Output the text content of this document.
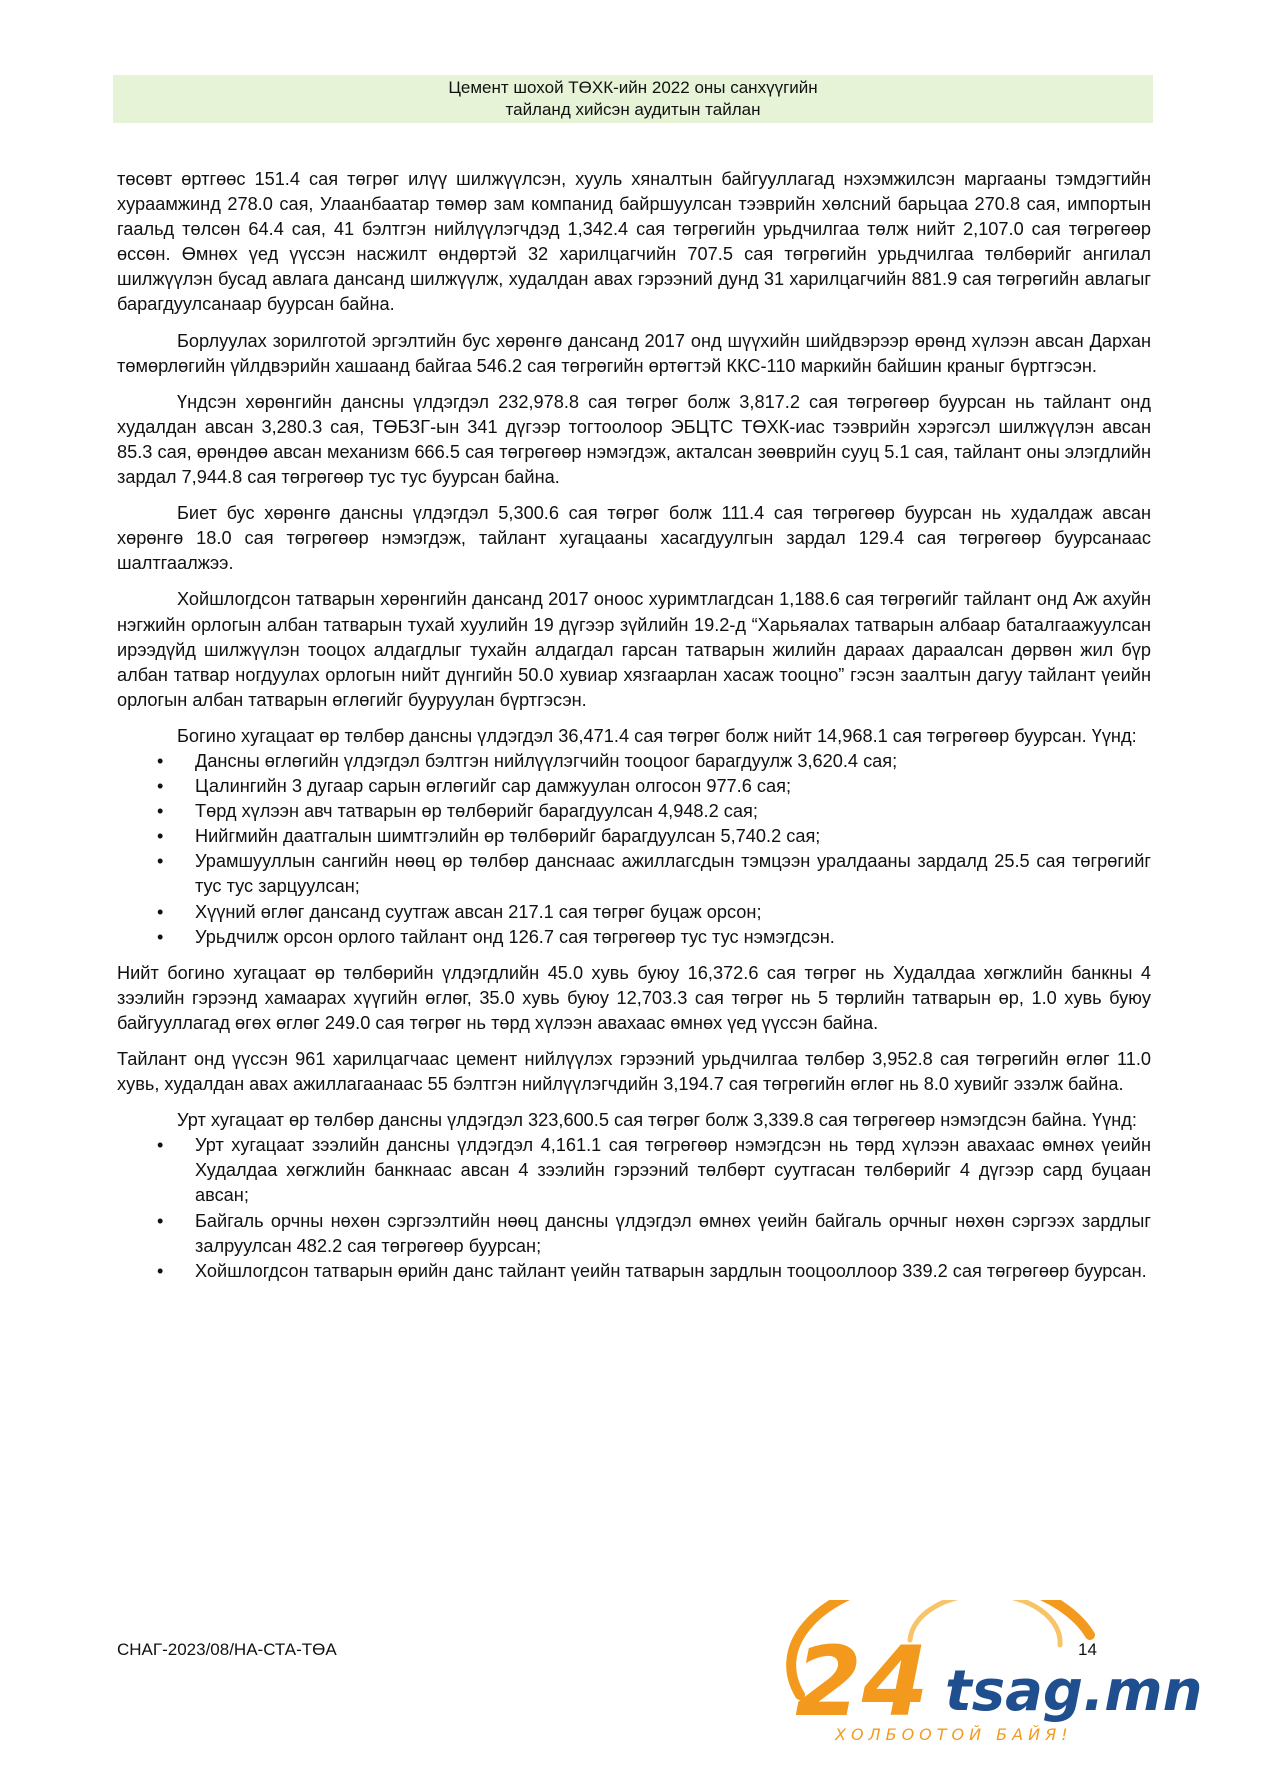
Цемент шохой ТӨХК-ийн 2022 оны санхүүгийн
тайланд хийсэн аудитын тайлан

төсөвт өртгөөс 151.4 сая төгрөг илүү шилжүүлсэн, хууль хяналтын байгууллагад нэхэмжилсэн маргааны тэмдэгтийн хураамжинд 278.0 сая, Улаанбаатар төмөр зам компанид байршуулсан тээврийн хөлсний барьцаа 270.8 сая, импортын гаальд төлсөн 64.4 сая, 41 бэлтгэн нийлүүлэгчдэд 1,342.4 сая төгрөгийн урьдчилгаа төлж нийт 2,107.0 сая төгрөгөөр өссөн. Өмнөх үед үүссэн насжилт өндөртэй 32 харилцагчийн 707.5 сая төгрөгийн урьдчилгаа төлбөрийг ангилал шилжүүлэн бусад авлага дансанд шилжүүлж, худалдан авах гэрээний дунд 31 харилцагчийн 881.9 сая төгрөгийн авлагыг барагдуулсанаар буурсан байна.

Борлуулах зорилготой эргэлтийн бус хөрөнгө дансанд 2017 онд шүүхийн шийдвэрээр өрөнд хүлээн авсан Дархан төмөрлөгийн үйлдвэрийн хашаанд байгаа 546.2 сая төгрөгийн өртөгтэй ККС-110 маркийн байшин краныг бүртгэсэн.

Үндсэн хөрөнгийн дансны үлдэгдэл 232,978.8 сая төгрөг болж 3,817.2 сая төгрөгөөр буурсан нь тайлант онд худалдан авсан 3,280.3 сая, ТӨБЗГ-ын 341 дүгээр тогтоолоор ЭБЦТС ТӨХК-иас тээврийн хэрэгсэл шилжүүлэн авсан 85.3 сая, өрөндөө авсан механизм 666.5 сая төгрөгөөр нэмэгдэж, акталсан зөөврийн сууц 5.1 сая, тайлант оны элэгдлийн зардал 7,944.8 сая төгрөгөөр тус тус буурсан байна.

Биет бус хөрөнгө дансны үлдэгдэл 5,300.6 сая төгрөг болж 111.4 сая төгрөгөөр буурсан нь худалдаж авсан хөрөнгө 18.0 сая төгрөгөөр нэмэгдэж, тайлант хугацааны хасагдуулгын зардал 129.4 сая төгрөгөөр буурсанаас шалтгаалжээ.

Хойшлогдсон татварын хөрөнгийн дансанд 2017 оноос хуримтлагдсан 1,188.6 сая төгрөгийг тайлант онд Аж ахуйн нэгжийн орлогын албан татварын тухай хуулийн 19 дүгээр зүйлийн 19.2-д “Харьяалах татварын албаар баталгаажуулсан ирээдүйд шилжүүлэн тооцох алдагдлыг тухайн алдагдал гарсан татварын жилийн дараах дараалсан дөрвөн жил бүр албан татвар ногдуулах орлогын нийт дүнгийн 50.0 хувиар хязгаарлан хасаж тооцно” гэсэн заалтын дагуу тайлант үеийн орлогын албан татварын өглөгийг бууруулан бүртгэсэн.

Богино хугацаат өр төлбөр дансны үлдэгдэл 36,471.4 сая төгрөг болж нийт 14,968.1 сая төгрөгөөр буурсан. Үүнд:

• Дансны өглөгийн үлдэгдэл бэлтгэн нийлүүлэгчийн тооцоог барагдуулж 3,620.4 сая;
• Цалингийн 3 дугаар сарын өглөгийг сар дамжуулан олгосон 977.6 сая;
• Төрд хүлээн авч татварын өр төлбөрийг барагдуулсан 4,948.2 сая;
• Нийгмийн даатгалын шимтгэлийн өр төлбөрийг барагдуулсан 5,740.2 сая;
• Урамшууллын сангийн нөөц өр төлбөр данснаас ажиллагсдын тэмцээн уралдааны зардалд 25.5 сая төгрөгийг тус тус зарцуулсан;
• Хүүний өглөг дансанд суутгаж авсан 217.1 сая төгрөг буцаж орсон;
• Урьдчилж орсон орлого тайлант онд 126.7 сая төгрөгөөр тус тус нэмэгдсэн.

Нийт богино хугацаат өр төлбөрийн үлдэгдлийн 45.0 хувь буюу 16,372.6 сая төгрөг нь Худалдаа хөгжлийн банкны 4 зээлийн гэрээнд хамаарах хүүгийн өглөг, 35.0 хувь буюу 12,703.3 сая төгрөг нь 5 төрлийн татварын өр, 1.0 хувь буюу байгууллагад өгөх өглөг 249.0 сая төгрөг нь төрд хүлээн авахаас өмнөх үед үүссэн байна.

Тайлант онд үүссэн 961 харилцагчаас цемент нийлүүлэх гэрээний урьдчилгаа төлбөр 3,952.8 сая төгрөгийн өглөг 11.0 хувь, худалдан авах ажиллагаанаас 55 бэлтгэн нийлүүлэгчдийн 3,194.7 сая төгрөгийн өглөг нь 8.0 хувийг эзэлж байна.

Урт хугацаат өр төлбөр дансны үлдэгдэл 323,600.5 сая төгрөг болж 3,339.8 сая төгрөгөөр нэмэгдсэн байна. Үүнд:

• Урт хугацаат зээлийн дансны үлдэгдэл 4,161.1 сая төгрөгөөр нэмэгдсэн нь төрд хүлээн авахаас өмнөх үеийн Худалдаа хөгжлийн банкнаас авсан 4 зээлийн гэрээний төлбөрт суутгасан төлбөрийг 4 дүгээр сард буцаан авсан;
• Байгаль орчны нөхөн сэргээлтийн нөөц дансны үлдэгдэл өмнөх үеийн байгаль орчныг нөхөн сэргээх зардлыг залруулсан 482.2 сая төгрөгөөр буурсан;
• Хойшлогдсон татварын өрийн данс тайлант үеийн татварын зардлын тооцооллоор 339.2 сая төгрөгөөр буурсан.
СНАГ-2023/08/НА-СТА-ТӨА	24 tsag.mn
ХОЛБООТОЙ БАЙЯ!
14
